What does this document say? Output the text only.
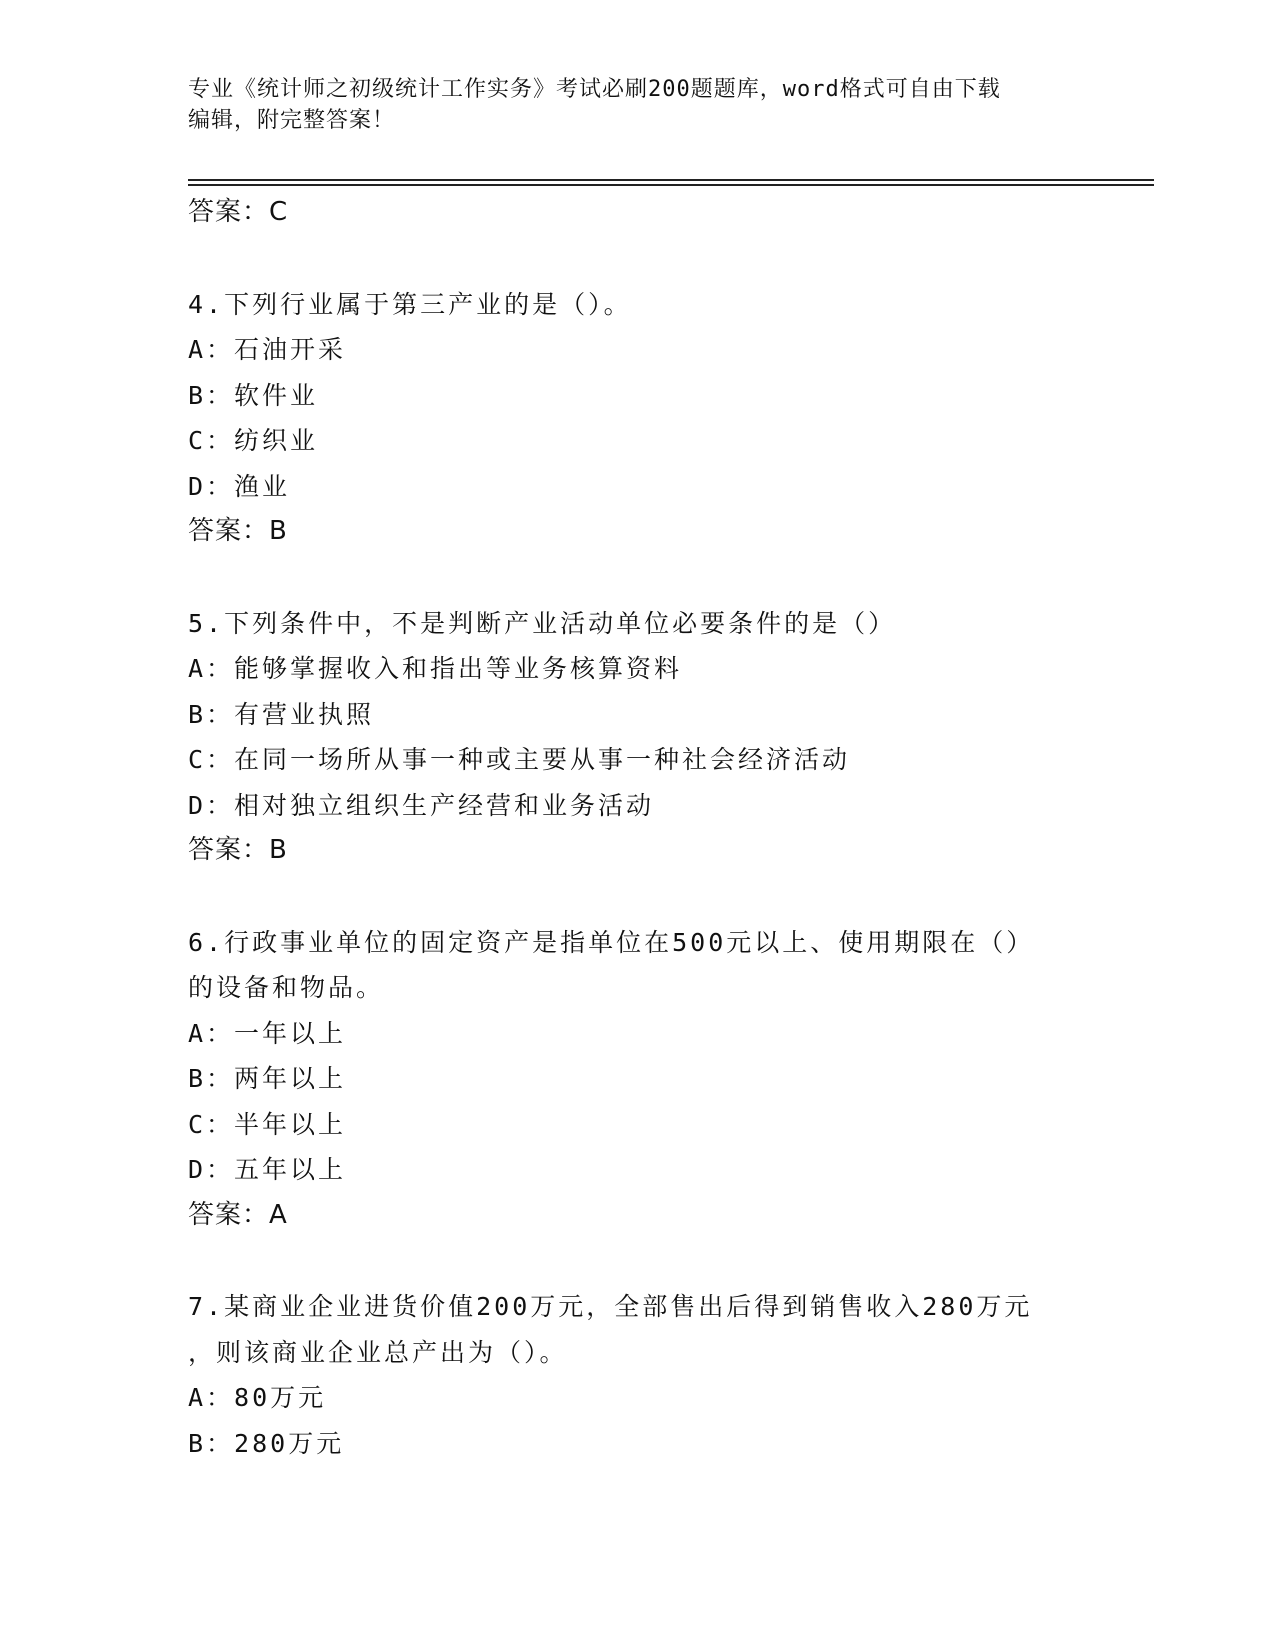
专业《统计师之初级统计工作实务》考试必刷200题题库，word格式可自由下载
编辑，附完整答案！
答案：C
4.下列行业属于第三产业的是（）。
A：石油开采
B：软件业
C：纺织业
D：渔业
答案：B
5.下列条件中，不是判断产业活动单位必要条件的是（）
A：能够掌握收入和指出等业务核算资料
B：有营业执照
C：在同一场所从事一种或主要从事一种社会经济活动
D：相对独立组织生产经营和业务活动
答案：B
6.行政事业单位的固定资产是指单位在500元以上、使用期限在（）
的设备和物品。
A：一年以上
B：两年以上
C：半年以上
D：五年以上
答案：A
7.某商业企业进货价值200万元，全部售出后得到销售收入280万元
，则该商业企业总产出为（）。
A：80万元
B：280万元
